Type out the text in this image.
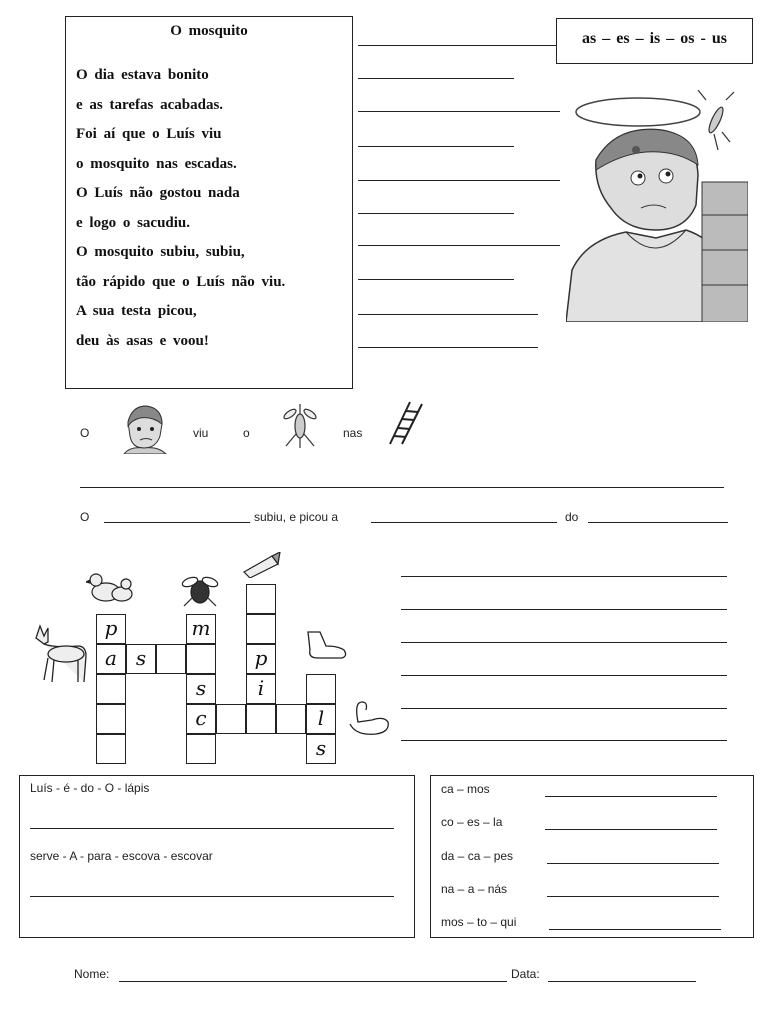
O mosquito
O dia estava bonito
e as tarefas acabadas.
Foi aí que o Luís viu
o mosquito nas escadas.
O Luís não gostou nada
e logo o sacudiu.
O mosquito subiu, subiu,
tão rápido que o Luís não viu.
A sua testa picou,
deu às asas e voou!
as – es – is – os - us
O	viu	o	nas
O	subiu, e picou a	do
p
a s
m
s
c
p
i
l
s
Luís - é - do - O - lápis
serve - A - para - escova - escovar
ca – mos
co – es – la
da – ca – pes
na – a – nás
mos – to – qui
Nome:	Data:
